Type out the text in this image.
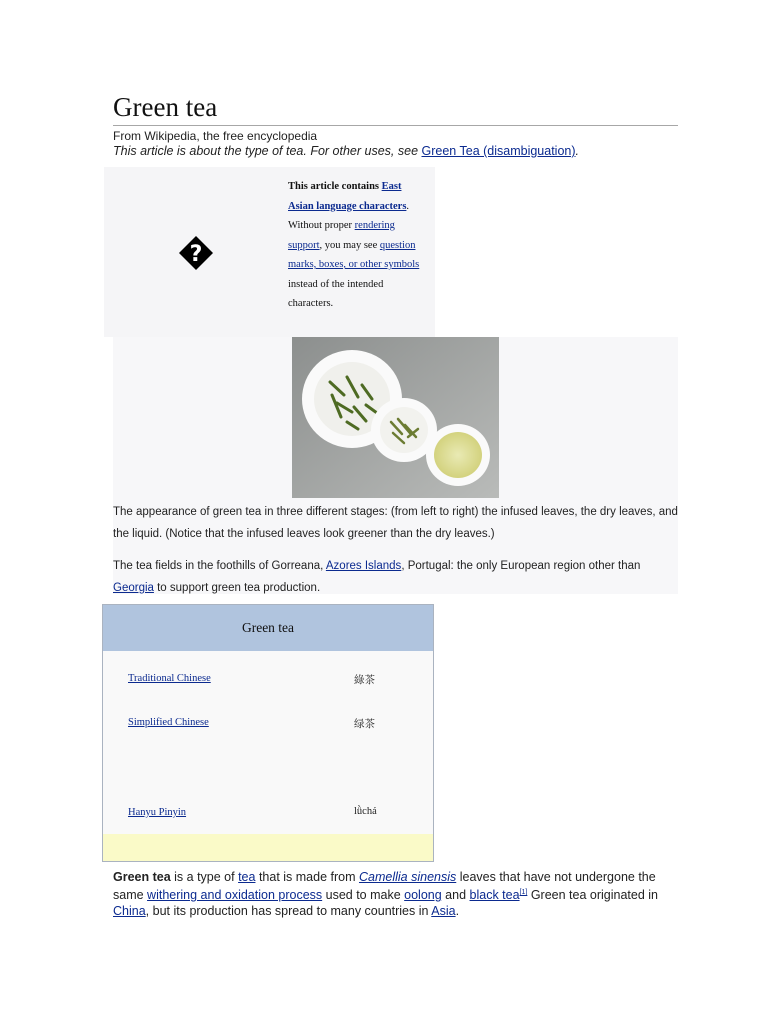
Green tea
From Wikipedia, the free encyclopedia
This article is about the type of tea. For other uses, see Green Tea (disambiguation).
?
This article contains East Asian language characters. Without proper rendering support, you may see question marks, boxes, or other symbols instead of the intended characters.
The appearance of green tea in three different stages: (from left to right) the infused leaves, the dry leaves, and the liquid. (Notice that the infused leaves look greener than the dry leaves.)
The tea fields in the foothills of Gorreana, Azores Islands, Portugal: the only European region other than Georgia to support green tea production.
Green tea
Traditional Chinese	綠茶
Simplified Chinese	绿茶
Hanyu Pinyin	lǜchá
Green tea is a type of tea that is made from Camellia sinensis leaves that have not undergone the same withering and oxidation process used to make oolong and black tea[1] Green tea originated in China, but its production has spread to many countries in Asia.
